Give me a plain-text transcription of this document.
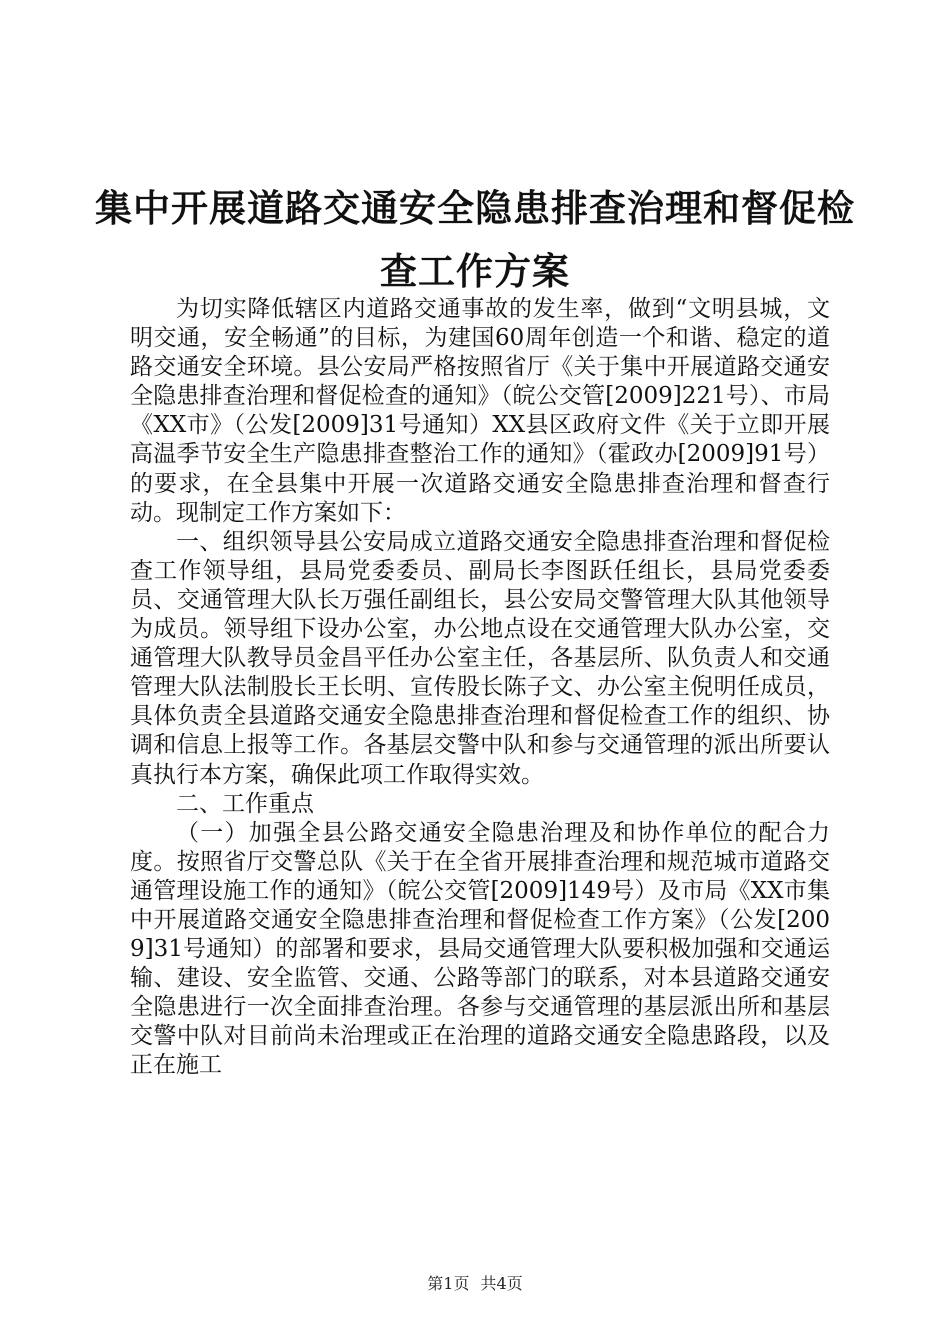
集中开展道路交通安全隐患排查治理和督促检
查工作方案

为切实降低辖区内道路交通事故的发生率，做到“文明县城，文明交通，安全畅通”的目标，为建国60周年创造一个和谐、稳定的道路交通安全环境。县公安局严格按照省厅《关于集中开展道路交通安全隐患排查治理和督促检查的通知》（皖公交管[2009]221号）、市局《XX市》（公发[2009]31号通知）XX县区政府文件《关于立即开展高温季节安全生产隐患排查整治工作的通知》（霍政办[2009]91号）的要求，在全县集中开展一次道路交通安全隐患排查治理和督查行动。现制定工作方案如下：

一、组织领导县公安局成立道路交通安全隐患排查治理和督促检查工作领导组，县局党委委员、副局长李图跃任组长，县局党委委员、交通管理大队长万强任副组长，县公安局交警管理大队其他领导为成员。领导组下设办公室，办公地点设在交通管理大队办公室，交通管理大队教导员金昌平任办公室主任，各基层所、队负责人和交通管理大队法制股长王长明、宣传股长陈子文、办公室主倪明任成员，具体负责全县道路交通安全隐患排查治理和督促检查工作的组织、协调和信息上报等工作。各基层交警中队和参与交通管理的派出所要认真执行本方案，确保此项工作取得实效。

二、工作重点

（一）加强全县公路交通安全隐患治理及和协作单位的配合力度。按照省厅交警总队《关于在全省开展排查治理和规范城市道路交通管理设施工作的通知》（皖公交管[2009]149号）及市局《XX市集中开展道路交通安全隐患排查治理和督促检查工作方案》（公发[2009]31号通知）的部署和要求，县局交通管理大队要积极加强和交通运输、建设、安全监管、交通、公路等部门的联系，对本县道路交通安全隐患进行一次全面排查治理。各参与交通管理的基层派出所和基层交警中队对目前尚未治理或正在治理的道路交通安全隐患路段，以及正在施工

第1页 共4页
